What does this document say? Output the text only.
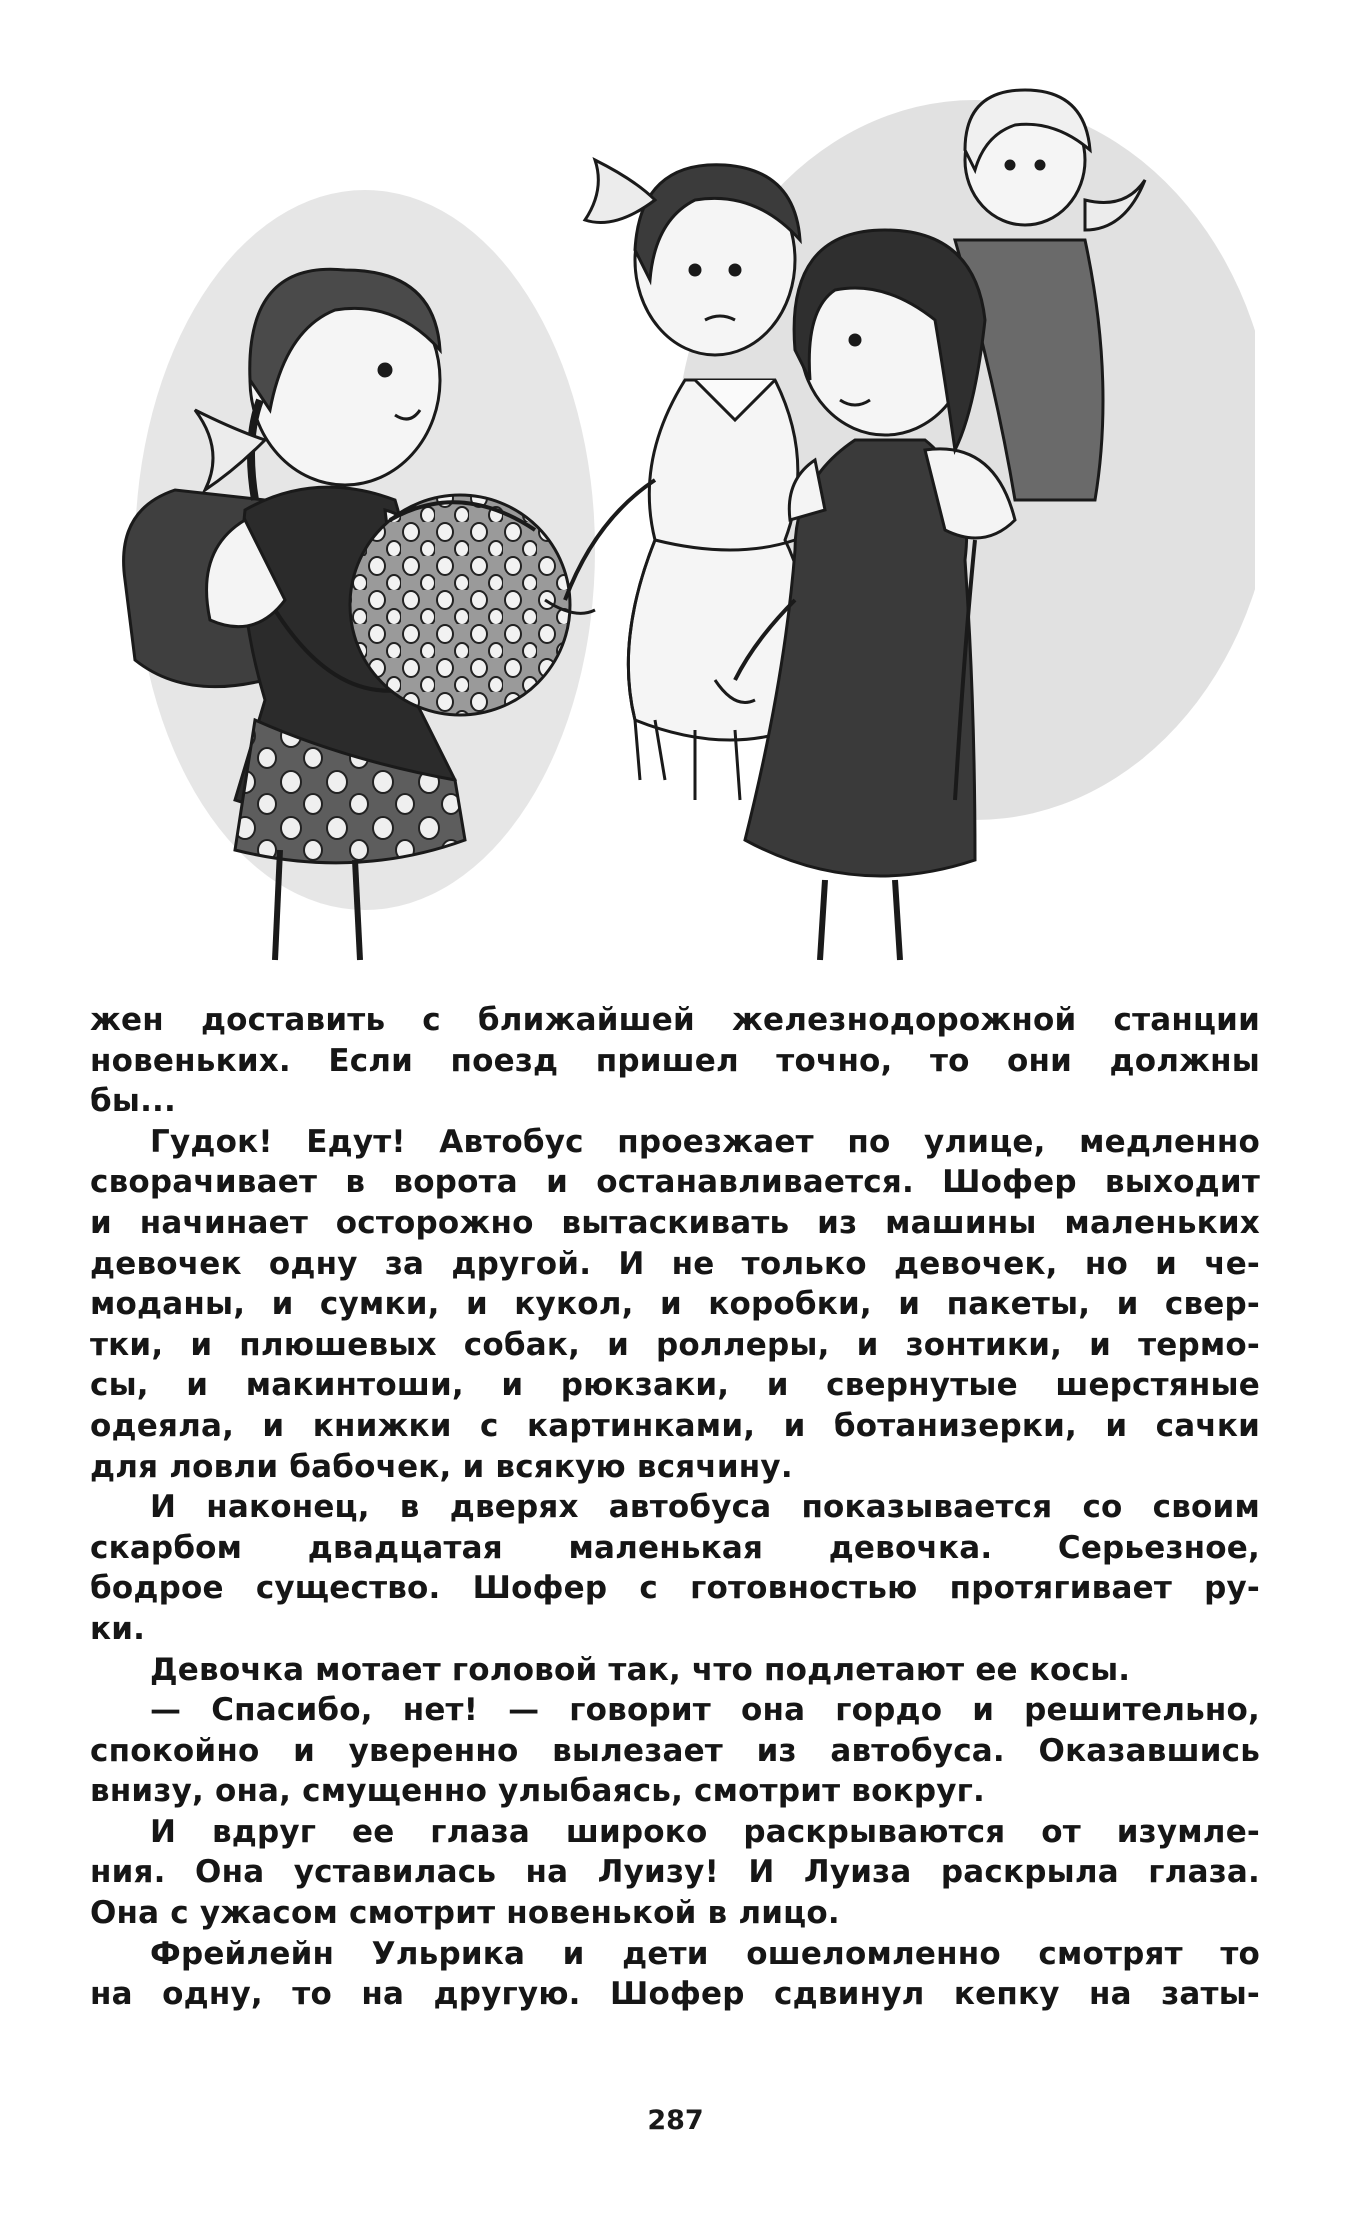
жен доставить с ближайшей железнодорожной станции
новеньких. Если поезд пришел точно, то они должны
бы...

Гудок! Едут! Автобус проезжает по улице, медленно
сворачивает в ворота и останавливается. Шофер выходит
и начинает осторожно вытаскивать из машины маленьких
девочек одну за другой. И не только девочек, но и че-
моданы, и сумки, и кукол, и коробки, и пакеты, и свер-
тки, и плюшевых собак, и роллеры, и зонтики, и термо-
сы, и макинтоши, и рюкзаки, и свернутые шерстяные
одеяла, и книжки с картинками, и ботанизерки, и сачки
для ловли бабочек, и всякую всячину.

И наконец, в дверях автобуса показывается со своим
скарбом двадцатая маленькая девочка. Серьезное,
бодрое существо. Шофер с готовностью протягивает ру-
ки.

Девочка мотает головой так, что подлетают ее косы.

— Спасибо, нет! — говорит она гордо и решительно,
спокойно и уверенно вылезает из автобуса. Оказавшись
внизу, она, смущенно улыбаясь, смотрит вокруг.

И вдруг ее глаза широко раскрываются от изумле-
ния. Она уставилась на Луизу! И Луиза раскрыла глаза.
Она с ужасом смотрит новенькой в лицо.

Фрейлейн Ульрика и дети ошеломленно смотрят то
на одну, то на другую. Шофер сдвинул кепку на заты-

287
